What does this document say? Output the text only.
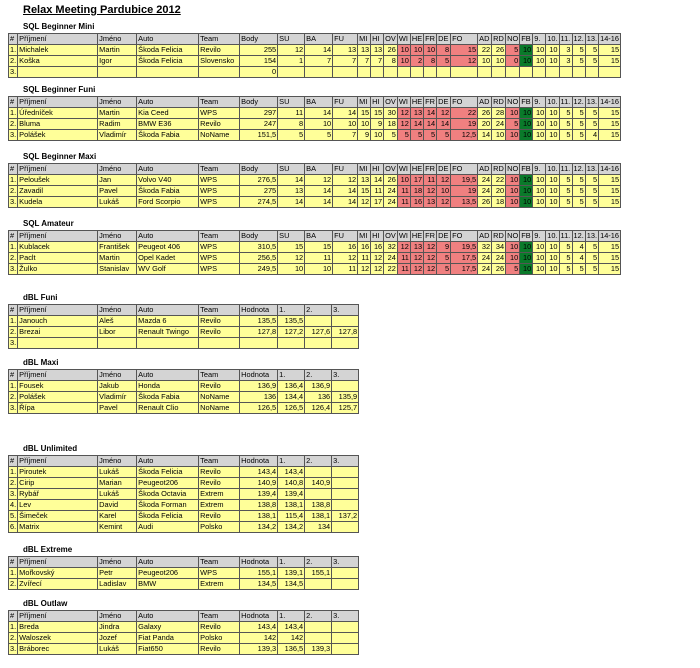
Relax Meeting Pardubice 2012
SQL Beginner Mini
#	Příjmení	Jméno	Auto	Team	Body	SU	BA	FU	MI	HI	OV	WI	HE	FR	DE	FO	AD	RD	NO	FB	9.	10.	11.	12.	13.	14-16
1.	Michalek	Martin	Škoda Felicia	Revilo	255	12	14	13	13	13	26	10	10	10	8	15	22	26	5	10	10	10	3	5	5	15
2.	Koška	Igor	Škoda Felicia	Slovensko	154	1	7	7	7	7	8	10	2	8	5	12	10	10	0	10	10	10	3	5	5	15
3.					0																					
SQL Beginner Funi
#	Příjmení	Jméno	Auto	Team	Body	SU	BA	FU	MI	HI	OV	WI	HE	FR	DE	FO	AD	RD	NO	FB	9.	10.	11.	12.	13.	14-16
1.	Úředníček	Martin	Kia Ceed	WPS	297	11	14	14	15	15	30	12	13	14	12	22	26	28	10	10	10	10	5	5	5	15
2.	Bluma	Radim	BMW E36	Revilo	247	8	10	10	10	9	18	12	14	14	14	19	20	24	5	10	10	10	5	5	5	15
3.	Polášek	Vladimír	Škoda Fabia	NoName	151,5	5	5	7	9	10	5	5	5	5	5	12,5	14	10	10	10	10	10	5	5	4	15
SQL Beginner Maxi
#	Příjmení	Jméno	Auto	Team	Body	SU	BA	FU	MI	HI	OV	WI	HE	FR	DE	FO	AD	RD	NO	FB	9.	10.	11.	12.	13.	14-16
1.	Peloušek	Jan	Volvo V40	WPS	276,5	14	12	12	13	14	26	10	17	11	12	19,5	24	22	10	10	10	10	5	5	5	15
2.	Zavadil	Pavel	Škoda Fabia	WPS	275	13	14	14	15	11	24	11	18	12	10	19	24	20	10	10	10	10	5	5	5	15
3.	Kudela	Lukáš	Ford Scorpio	WPS	274,5	14	14	14	12	17	24	11	16	13	12	13,5	26	18	10	10	10	10	5	5	5	15
SQL Amateur
#	Příjmení	Jméno	Auto	Team	Body	SU	BA	FU	MI	HI	OV	WI	HE	FR	DE	FO	AD	RD	NO	FB	9.	10.	11.	12.	13.	14-16
1.	Kublacek	František	Peugeot 406	WPS	310,5	15	15	16	16	16	32	12	13	12	9	19,5	32	34	10	10	10	10	5	4	5	15
2.	Paclt	Martin	Opel Kadet	WPS	256,5	12	11	12	11	12	24	11	12	12	5	17,5	24	24	10	10	10	10	5	4	5	15
3.	Žulko	Stanislav	WV Golf	WPS	249,5	10	10	11	12	12	22	11	12	12	5	17,5	24	26	5	10	10	10	5	5	5	15
dBL Funi
#	Příjmení	Jméno	Auto	Team	Hodnota	1.	2.	3.
1.	Janouch	Aleš	Mazda 6	Revilo	135,5	135,5		
2.	Brezai	Libor	Renault Twingo	Revilo	127,8	127,2	127,6	127,8
3.								
dBL Maxi
#	Příjmení	Jméno	Auto	Team	Hodnota	1.	2.	3.
1.	Fousek	Jakub	Honda	Revilo	136,9	136,4	136,9	
2.	Polášek	Vladimír	Škoda Fabia	NoName	136	134,4	136	135,9
3.	Řípa	Pavel	Renault Clio	NoName	126,5	126,5	126,4	125,7
dBL Unlimited
#	Příjmení	Jméno	Auto	Team	Hodnota	1.	2.	3.
1.	Piroutek	Lukáš	Škoda Felicia	Revilo	143,4	143,4		
2.	Cirip	Marian	Peugeot206	Revilo	140,9	140,8	140,9	
3.	Rybář	Lukáš	Škoda Octavia	Extrem	139,4	139,4		
4.	Lev	David	Škoda Forman	Extrem	138,8	138,1	138,8	
5.	Šimeček	Karel	Škoda Felicia	Revilo	138,1	115,4	138,1	137,2
6.	Matrix	Kemint	Audi	Polsko	134,2	134,2	134	
dBL Extreme
#	Příjmení	Jméno	Auto	Team	Hodnota	1.	2.	3.
1.	Mořkovský	Petr	Peugeot206	WPS	155,1	139,1	155,1	
2.	Zvířecí	Ladislav	BMW	Extrem	134,5	134,5		
dBL Outlaw
#	Příjmení	Jméno	Auto	Team	Hodnota	1.	2.	3.
1.	Breda	Jindra	Galaxy	Revilo	143,4	143,4		
2.	Waloszek	Jozef	Fiat Panda	Polsko	142	142		
3.	Bráborec	Lukáš	Fiat650	Revilo	139,3	136,5	139,3	
